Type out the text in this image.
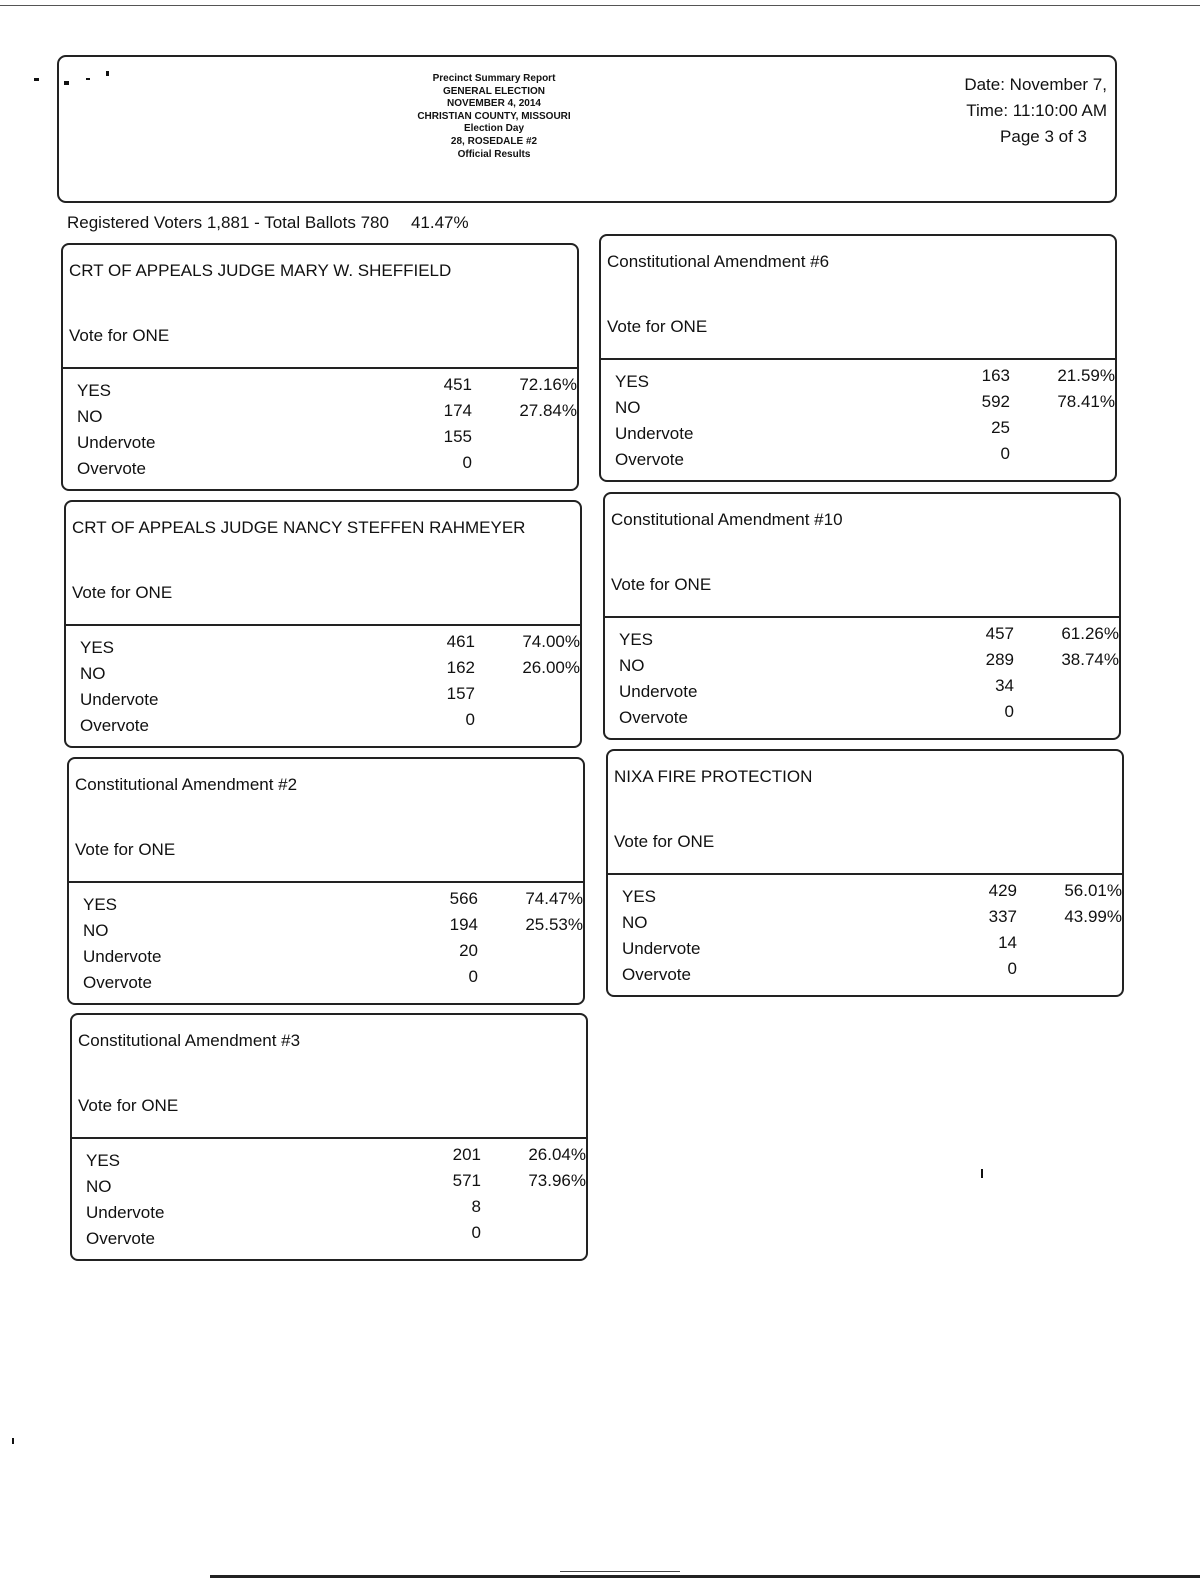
Precinct Summary Report
GENERAL ELECTION
NOVEMBER 4, 2014
CHRISTIAN COUNTY, MISSOURI
Election Day
28, ROSEDALE #2
Official Results
Date: November 7,
Time: 11:10:00 AM
Page 3 of 3
Registered Voters 1,881 - Total Ballots 780 41.47%
CRT OF APPEALS JUDGE MARY W. SHEFFIELD
Vote for ONE
YES	451	72.16%
NO	174	27.84%
Undervote	155
Overvote	0
Constitutional Amendment #6
Vote for ONE
YES	163	21.59%
NO	592	78.41%
Undervote	25
Overvote	0
CRT OF APPEALS JUDGE NANCY STEFFEN RAHMEYER
Vote for ONE
YES	461	74.00%
NO	162	26.00%
Undervote	157
Overvote	0
Constitutional Amendment #10
Vote for ONE
YES	457	61.26%
NO	289	38.74%
Undervote	34
Overvote	0
Constitutional Amendment #2
Vote for ONE
YES	566	74.47%
NO	194	25.53%
Undervote	20
Overvote	0
NIXA FIRE PROTECTION
Vote for ONE
YES	429	56.01%
NO	337	43.99%
Undervote	14
Overvote	0
Constitutional Amendment #3
Vote for ONE
YES	201	26.04%
NO	571	73.96%
Undervote	8
Overvote	0
